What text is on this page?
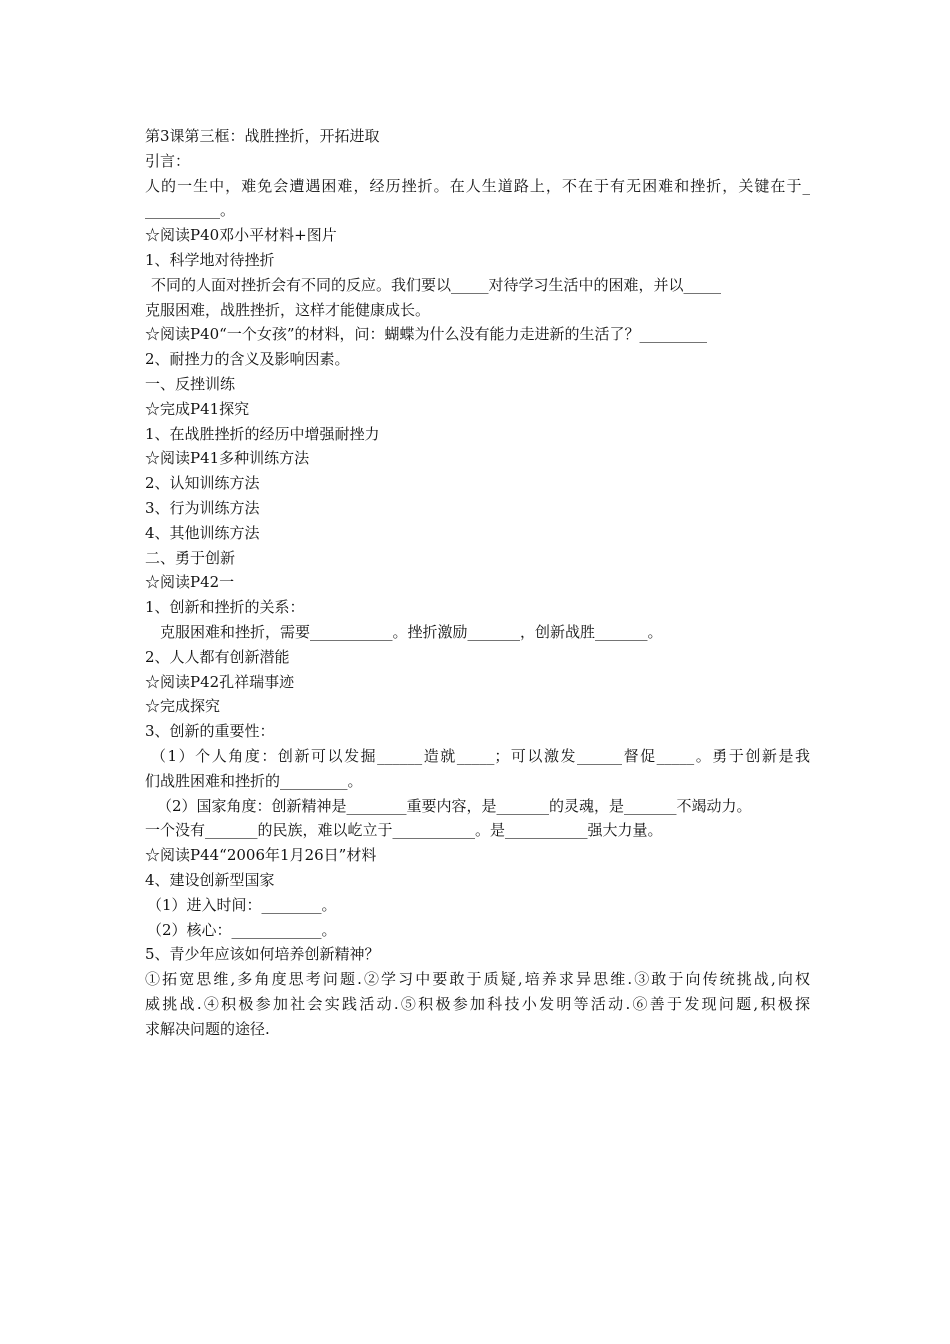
第3课第三框：战胜挫折，开拓进取
引言：
人的一生中，难免会遭遇困难，经历挫折。在人生道路上，不在于有无困难和挫折，关键在于_
__________。
☆阅读P40邓小平材料+图片
1、科学地对待挫折
不同的人面对挫折会有不同的反应。我们要以_____对待学习生活中的困难，并以_____
克服困难，战胜挫折，这样才能健康成长。
☆阅读P40“一个女孩”的材料，问：蝴蝶为什么没有能力走进新的生活了？_________
2、耐挫力的含义及影响因素。
一、反挫训练
☆完成P41探究
1、在战胜挫折的经历中增强耐挫力
☆阅读P41多种训练方法
2、认知训练方法
3、行为训练方法
4、其他训练方法
二、勇于创新
☆阅读P42一
1、创新和挫折的关系：
克服困难和挫折，需要___________。挫折激励_______，创新战胜_______。
2、人人都有创新潜能
☆阅读P42孔祥瑞事迹
☆完成探究
3、创新的重要性：
（1）个人角度：创新可以发掘______造就_____；可以激发______督促_____。勇于创新是我
们战胜困难和挫折的_________。
（2）国家角度：创新精神是________重要内容，是_______的灵魂，是_______不竭动力。
一个没有_______的民族，难以屹立于___________。是___________强大力量。
☆阅读P44“2006年1月26日”材料
4、建设创新型国家
（1）进入时间：________。
（2）核心：____________。
5、青少年应该如何培养创新精神？
①拓宽思维,多角度思考问题.②学习中要敢于质疑,培养求异思维.③敢于向传统挑战,向权
威挑战.④积极参加社会实践活动.⑤积极参加科技小发明等活动.⑥善于发现问题,积极探
求解决问题的途径.
